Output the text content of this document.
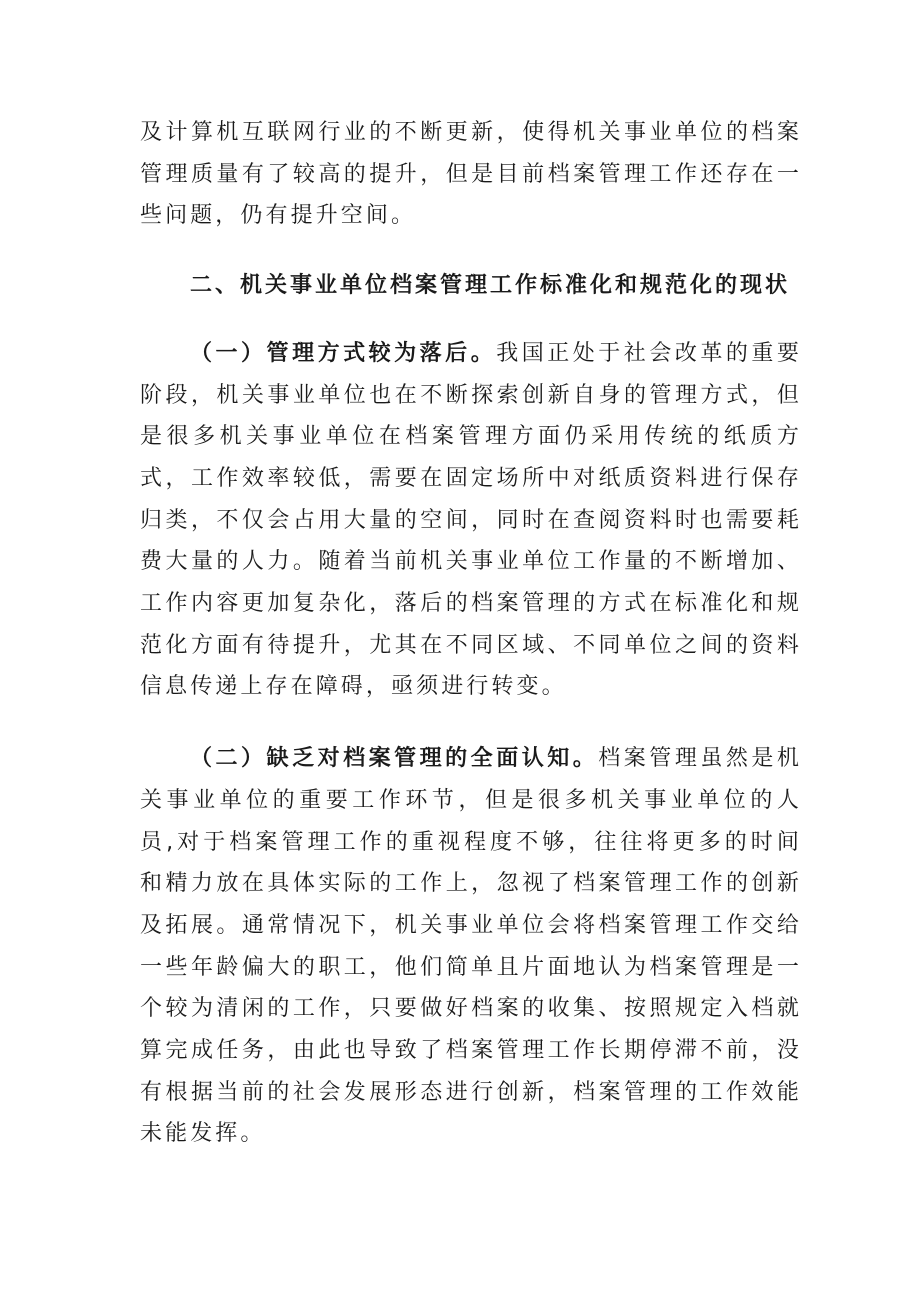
及计算机互联网行业的不断更新，使得机关事业单位的档案管理质量有了较高的提升，但是目前档案管理工作还存在一些问题，仍有提升空间。

二、机关事业单位档案管理工作标准化和规范化的现状

（一）管理方式较为落后。我国正处于社会改革的重要阶段，机关事业单位也在不断探索创新自身的管理方式，但是很多机关事业单位在档案管理方面仍采用传统的纸质方式，工作效率较低，需要在固定场所中对纸质资料进行保存归类，不仅会占用大量的空间，同时在查阅资料时也需要耗费大量的人力。随着当前机关事业单位工作量的不断增加、工作内容更加复杂化，落后的档案管理的方式在标准化和规范化方面有待提升，尤其在不同区域、不同单位之间的资料信息传递上存在障碍，亟须进行转变。

（二）缺乏对档案管理的全面认知。档案管理虽然是机关事业单位的重要工作环节，但是很多机关事业单位的人员,对于档案管理工作的重视程度不够，往往将更多的时间和精力放在具体实际的工作上，忽视了档案管理工作的创新及拓展。通常情况下，机关事业单位会将档案管理工作交给一些年龄偏大的职工，他们简单且片面地认为档案管理是一个较为清闲的工作，只要做好档案的收集、按照规定入档就算完成任务，由此也导致了档案管理工作长期停滞不前，没有根据当前的社会发展形态进行创新，档案管理的工作效能未能发挥。
